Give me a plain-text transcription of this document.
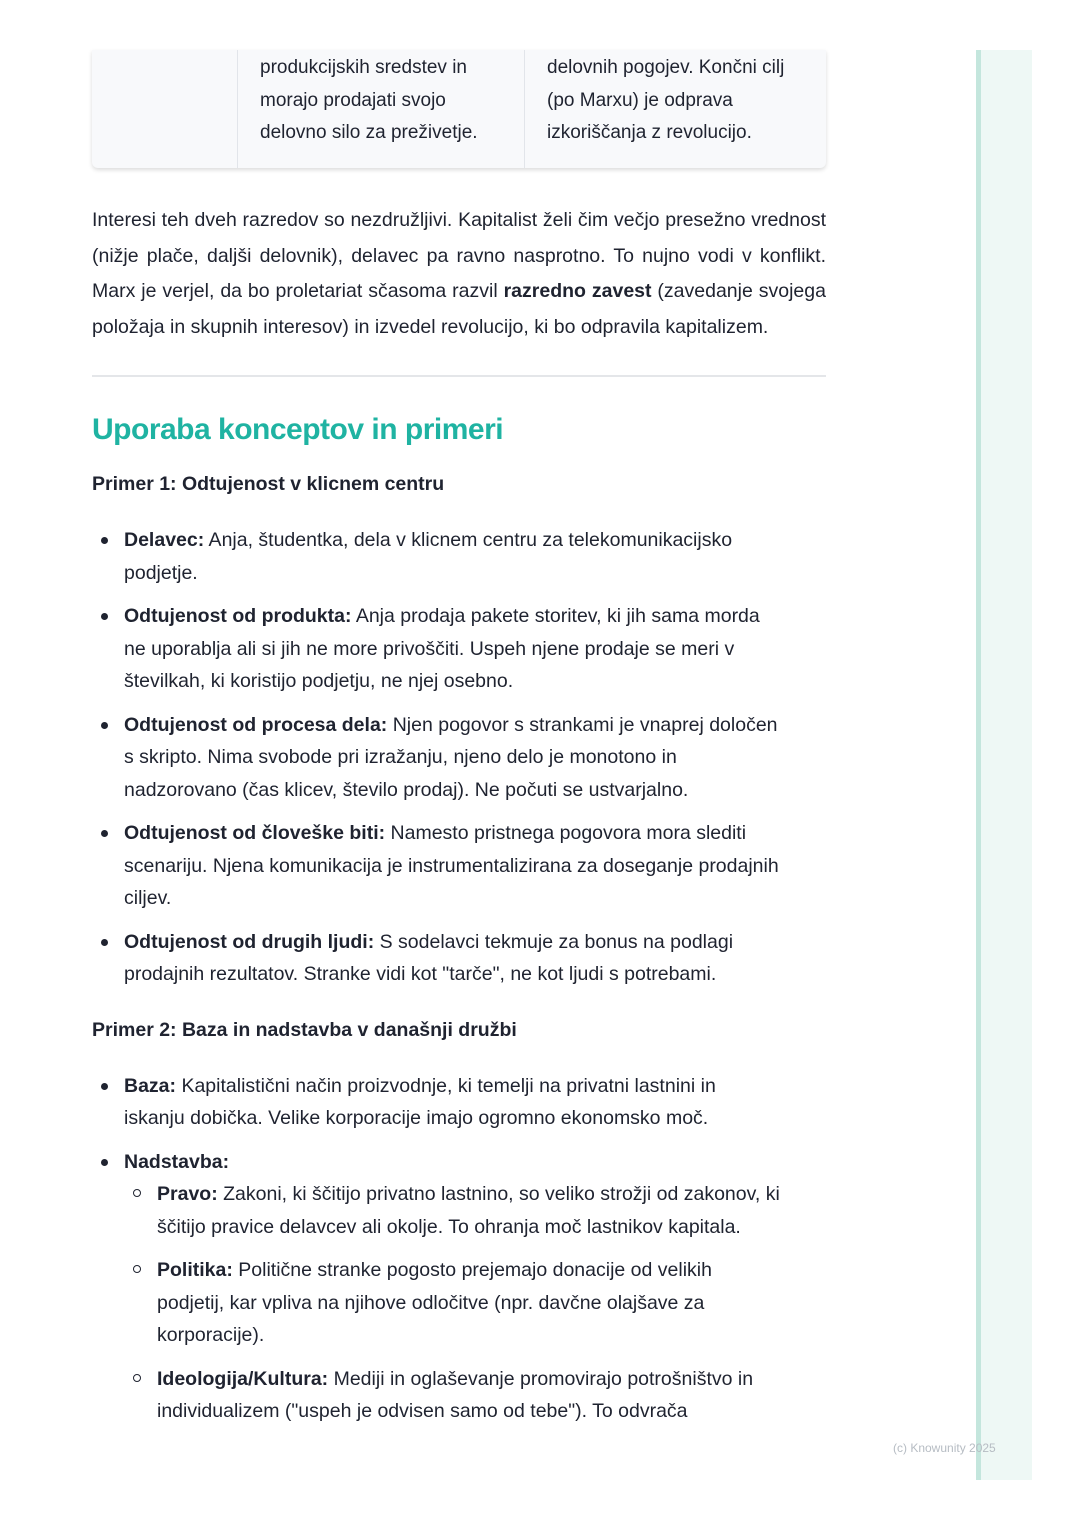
(c) Knowunity 2025
produkcijskih sredstev in
morajo prodajati svojo
delovno silo za preživetje.
delovnih pogojev. Končni cilj
(po Marxu) je odprava
izkoriščanja z revolucijo.

Interesi teh dveh razredov so nezdružljivi. Kapitalist želi čim večjo presežno vrednost (nižje plače, daljši delovnik), delavec pa ravno nasprotno. To nujno vodi v konflikt. Marx je verjel, da bo proletariat sčasoma razvil razredno zavest (zavedanje svojega položaja in skupnih interesov) in izvedel revolucijo, ki bo odpravila kapitalizem.

Uporaba konceptov in primeri
Primer 1: Odtujenost v klicnem centru
Delavec: Anja, študentka, dela v klicnem centru za telekomunikacijsko
podjetje.
Odtujenost od produkta: Anja prodaja pakete storitev, ki jih sama morda
ne uporablja ali si jih ne more privoščiti. Uspeh njene prodaje se meri v
številkah, ki koristijo podjetju, ne njej osebno.
Odtujenost od procesa dela: Njen pogovor s strankami je vnaprej določen
s skripto. Nima svobode pri izražanju, njeno delo je monotono in
nadzorovano (čas klicev, število prodaj). Ne počuti se ustvarjalno.
Odtujenost od človeške biti: Namesto pristnega pogovora mora slediti
scenariju. Njena komunikacija je instrumentalizirana za doseganje prodajnih
ciljev.
Odtujenost od drugih ljudi: S sodelavci tekmuje za bonus na podlagi
prodajnih rezultatov. Stranke vidi kot "tarče", ne kot ljudi s potrebami.
Primer 2: Baza in nadstavba v današnji družbi
Baza: Kapitalistični način proizvodnje, ki temelji na privatni lastnini in
iskanju dobička. Velike korporacije imajo ogromno ekonomsko moč.
Nadstavba:
Pravo: Zakoni, ki ščitijo privatno lastnino, so veliko strožji od zakonov, ki
ščitijo pravice delavcev ali okolje. To ohranja moč lastnikov kapitala.
Politika: Politične stranke pogosto prejemajo donacije od velikih
podjetij, kar vpliva na njihove odločitve (npr. davčne olajšave za
korporacije).
Ideologija/Kultura: Mediji in oglaševanje promovirajo potrošništvo in
individualizem ("uspeh je odvisen samo od tebe"). To odvrača
